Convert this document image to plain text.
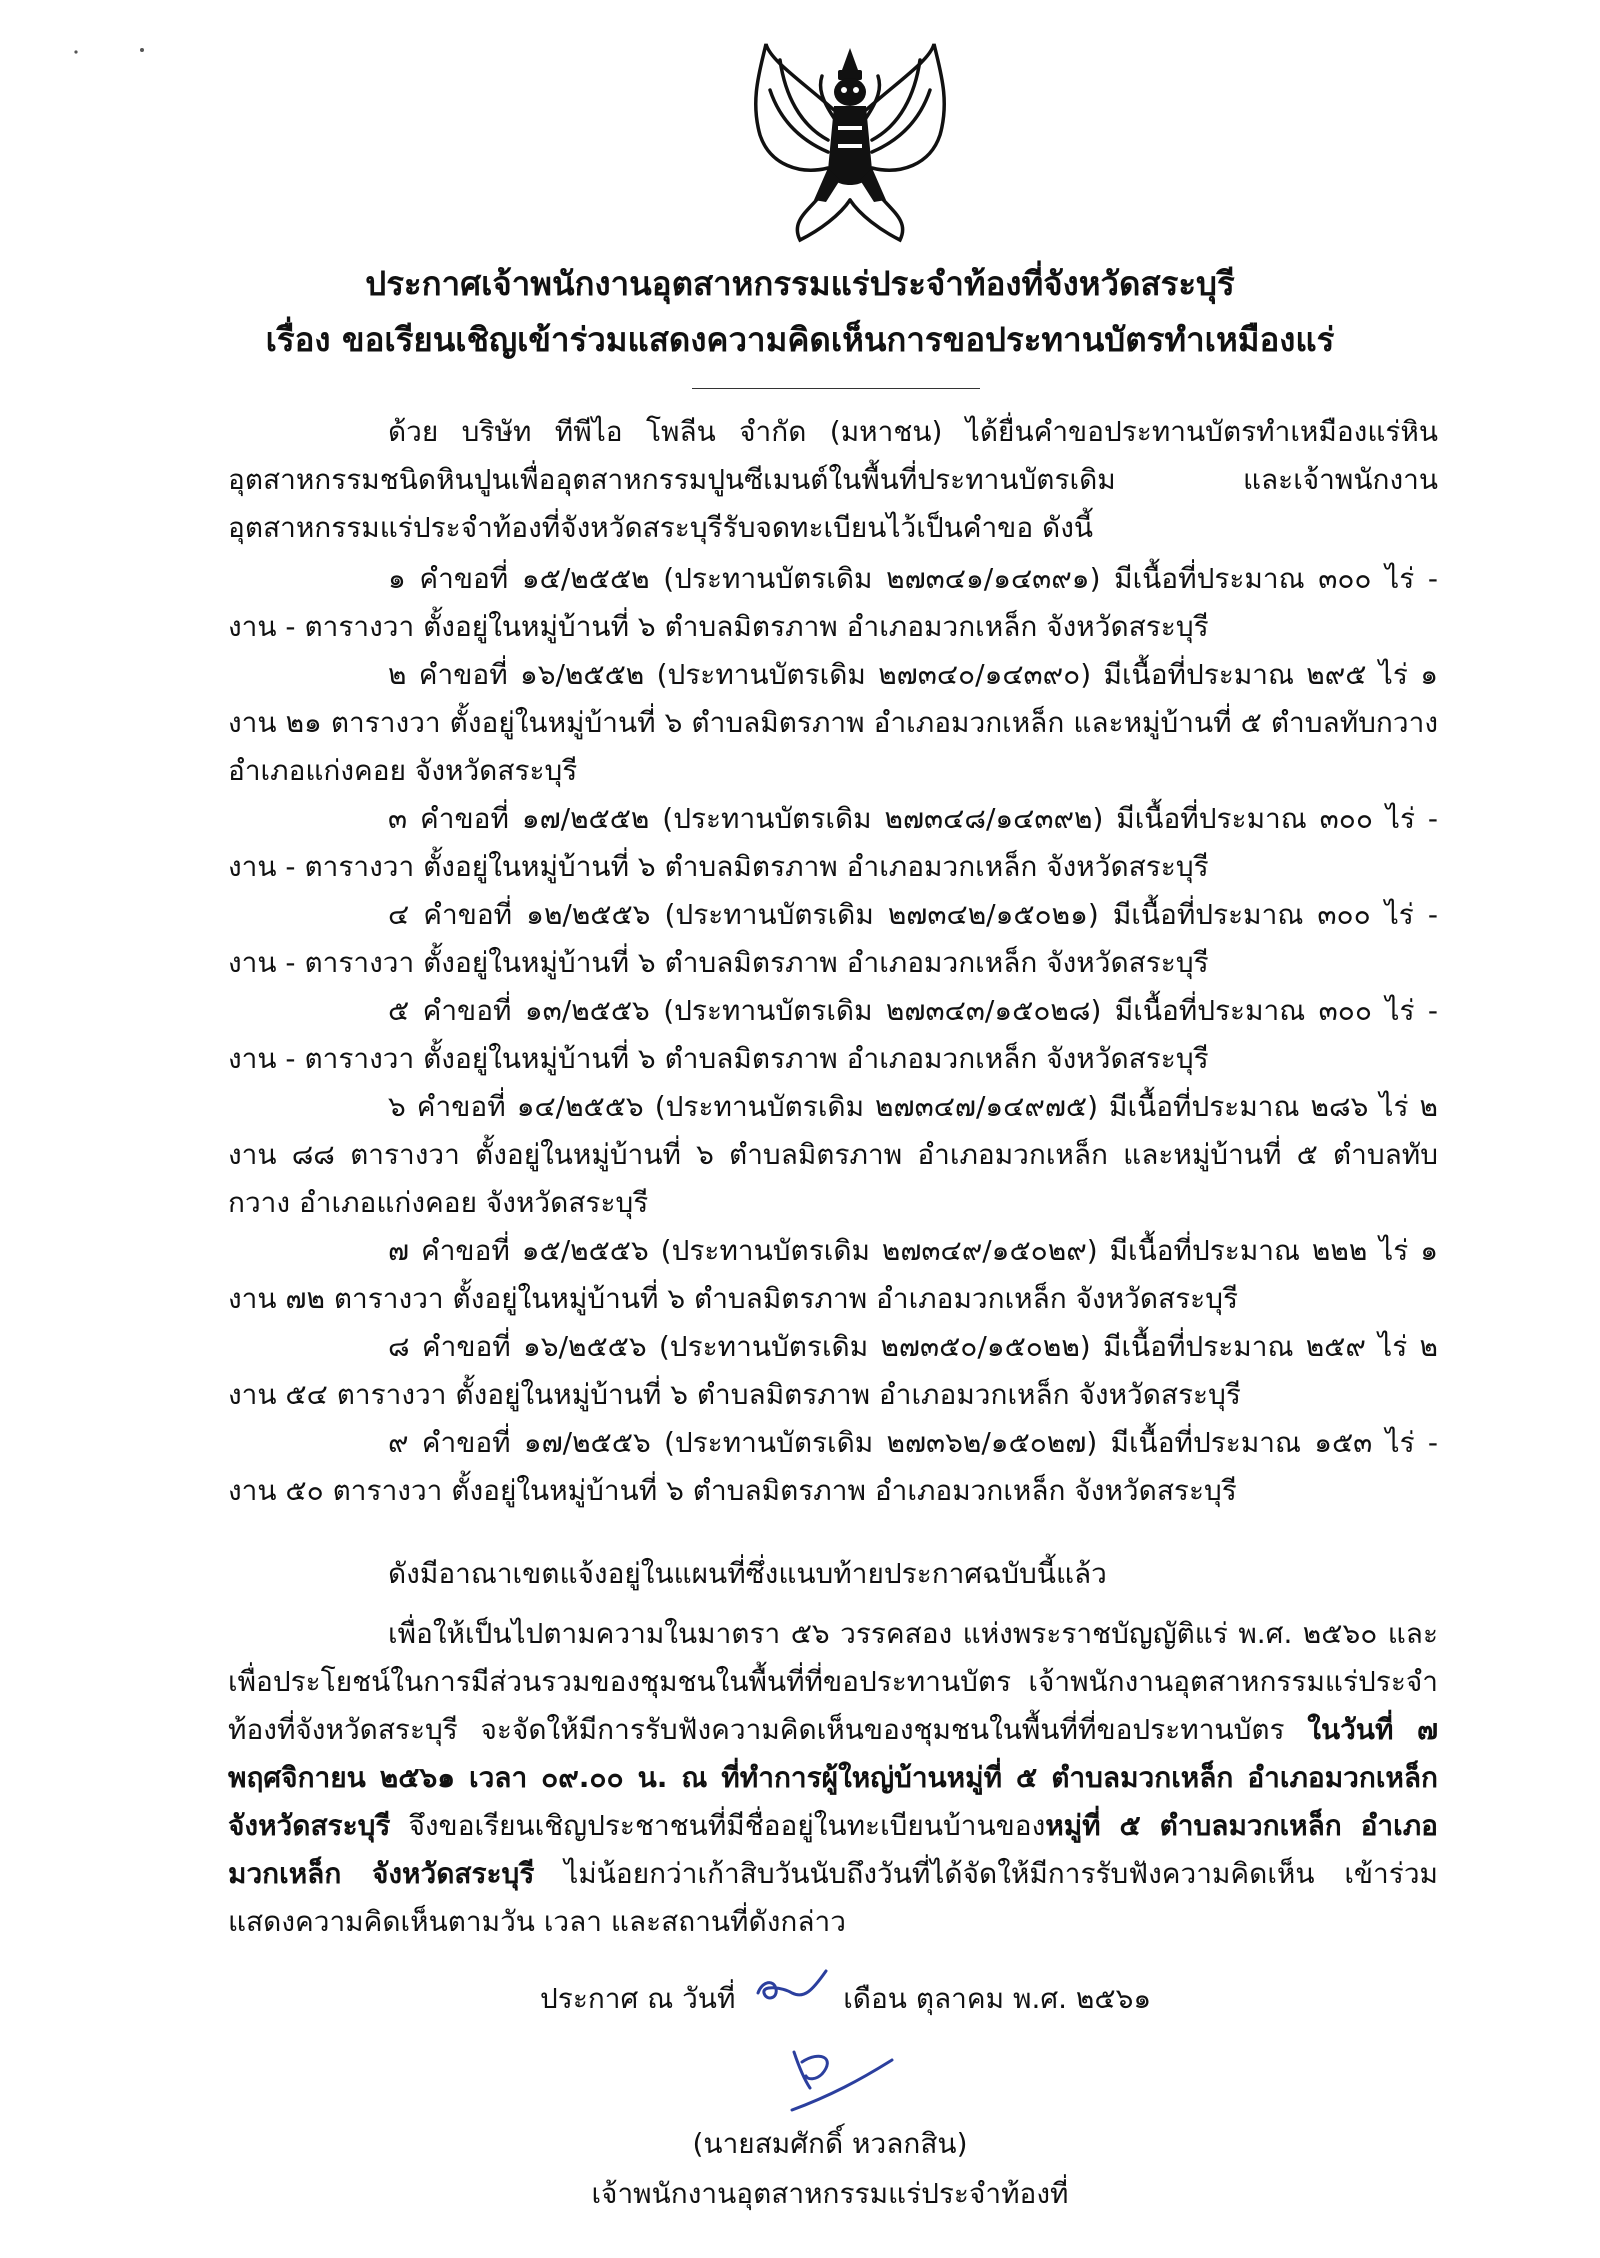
ประกาศเจ้าพนักงานอุตสาหกรรมแร่ประจำท้องที่จังหวัดสระบุรี
เรื่อง ขอเรียนเชิญเข้าร่วมแสดงความคิดเห็นการขอประทานบัตรทำเหมืองแร่
ด้วย บริษัท ทีพีไอ โพลีน จำกัด (มหาชน) ได้ยื่นคำขอประทานบัตรทำเหมืองแร่หินอุตสาหกรรมชนิดหินปูนเพื่ออุตสาหกรรมปูนซีเมนต์ในพื้นที่ประทานบัตรเดิม และเจ้าพนักงานอุตสาหกรรมแร่ประจำท้องที่จังหวัดสระบุรีรับจดทะเบียนไว้เป็นคำขอ ดังนี้
๑ คำขอที่ ๑๕/๒๕๕๒ (ประทานบัตรเดิม ๒๗๓๔๑/๑๔๓๙๑) มีเนื้อที่ประมาณ ๓๐๐ ไร่ - งาน - ตารางวา ตั้งอยู่ในหมู่บ้านที่ ๖ ตำบลมิตรภาพ อำเภอมวกเหล็ก จังหวัดสระบุรี
๒ คำขอที่ ๑๖/๒๕๕๒ (ประทานบัตรเดิม ๒๗๓๔๐/๑๔๓๙๐) มีเนื้อที่ประมาณ ๒๙๕ ไร่ ๑ งาน ๒๑ ตารางวา ตั้งอยู่ในหมู่บ้านที่ ๖ ตำบลมิตรภาพ อำเภอมวกเหล็ก และหมู่บ้านที่ ๕ ตำบลทับกวาง อำเภอแก่งคอย จังหวัดสระบุรี
๓ คำขอที่ ๑๗/๒๕๕๒ (ประทานบัตรเดิม ๒๗๓๔๘/๑๔๓๙๒) มีเนื้อที่ประมาณ ๓๐๐ ไร่ - งาน - ตารางวา ตั้งอยู่ในหมู่บ้านที่ ๖ ตำบลมิตรภาพ อำเภอมวกเหล็ก จังหวัดสระบุรี
๔ คำขอที่ ๑๒/๒๕๕๖ (ประทานบัตรเดิม ๒๗๓๔๒/๑๕๐๒๑) มีเนื้อที่ประมาณ ๓๐๐ ไร่ - งาน - ตารางวา ตั้งอยู่ในหมู่บ้านที่ ๖ ตำบลมิตรภาพ อำเภอมวกเหล็ก จังหวัดสระบุรี
๕ คำขอที่ ๑๓/๒๕๕๖ (ประทานบัตรเดิม ๒๗๓๔๓/๑๕๐๒๘) มีเนื้อที่ประมาณ ๓๐๐ ไร่ - งาน - ตารางวา ตั้งอยู่ในหมู่บ้านที่ ๖ ตำบลมิตรภาพ อำเภอมวกเหล็ก จังหวัดสระบุรี
๖ คำขอที่ ๑๔/๒๕๕๖ (ประทานบัตรเดิม ๒๗๓๔๗/๑๔๙๗๕) มีเนื้อที่ประมาณ ๒๘๖ ไร่ ๒ งาน ๘๘ ตารางวา ตั้งอยู่ในหมู่บ้านที่ ๖ ตำบลมิตรภาพ อำเภอมวกเหล็ก และหมู่บ้านที่ ๕ ตำบลทับกวาง อำเภอแก่งคอย จังหวัดสระบุรี
๗ คำขอที่ ๑๕/๒๕๕๖ (ประทานบัตรเดิม ๒๗๓๔๙/๑๕๐๒๙) มีเนื้อที่ประมาณ ๒๒๒ ไร่ ๑ งาน ๗๒ ตารางวา ตั้งอยู่ในหมู่บ้านที่ ๖ ตำบลมิตรภาพ อำเภอมวกเหล็ก จังหวัดสระบุรี
๘ คำขอที่ ๑๖/๒๕๕๖ (ประทานบัตรเดิม ๒๗๓๕๐/๑๕๐๒๒) มีเนื้อที่ประมาณ ๒๕๙ ไร่ ๒ งาน ๕๔ ตารางวา ตั้งอยู่ในหมู่บ้านที่ ๖ ตำบลมิตรภาพ อำเภอมวกเหล็ก จังหวัดสระบุรี
๙ คำขอที่ ๑๗/๒๕๕๖ (ประทานบัตรเดิม ๒๗๓๖๒/๑๕๐๒๗) มีเนื้อที่ประมาณ ๑๕๓ ไร่ - งาน ๕๐ ตารางวา ตั้งอยู่ในหมู่บ้านที่ ๖ ตำบลมิตรภาพ อำเภอมวกเหล็ก จังหวัดสระบุรี
ดังมีอาณาเขตแจ้งอยู่ในแผนที่ซึ่งแนบท้ายประกาศฉบับนี้แล้ว
เพื่อให้เป็นไปตามความในมาตรา ๕๖ วรรคสอง แห่งพระราชบัญญัติแร่ พ.ศ. ๒๕๖๐ และเพื่อประโยชน์ในการมีส่วนรวมของชุมชนในพื้นที่ที่ขอประทานบัตร เจ้าพนักงานอุตสาหกรรมแร่ประจำท้องที่จังหวัดสระบุรี จะจัดให้มีการรับฟังความคิดเห็นของชุมชนในพื้นที่ที่ขอประทานบัตร ในวันที่ ๗ พฤศจิกายน ๒๕๖๑ เวลา ๐๙.๐๐ น. ณ ที่ทำการผู้ใหญ่บ้านหมู่ที่ ๕ ตำบลมวกเหล็ก อำเภอมวกเหล็ก จังหวัดสระบุรี จึงขอเรียนเชิญประชาชนที่มีชื่ออยู่ในทะเบียนบ้านของหมู่ที่ ๕ ตำบลมวกเหล็ก อำเภอมวกเหล็ก จังหวัดสระบุรี ไม่น้อยกว่าเก้าสิบวันนับถึงวันที่ได้จัดให้มีการรับฟังความคิดเห็น เข้าร่วมแสดงความคิดเห็นตามวัน เวลา และสถานที่ดังกล่าว
ประกาศ ณ วันที่	เดือน ตุลาคม พ.ศ. ๒๕๖๑
(นายสมศักดิ์ หวลกสิน)
เจ้าพนักงานอุตสาหกรรมแร่ประจำท้องที่
